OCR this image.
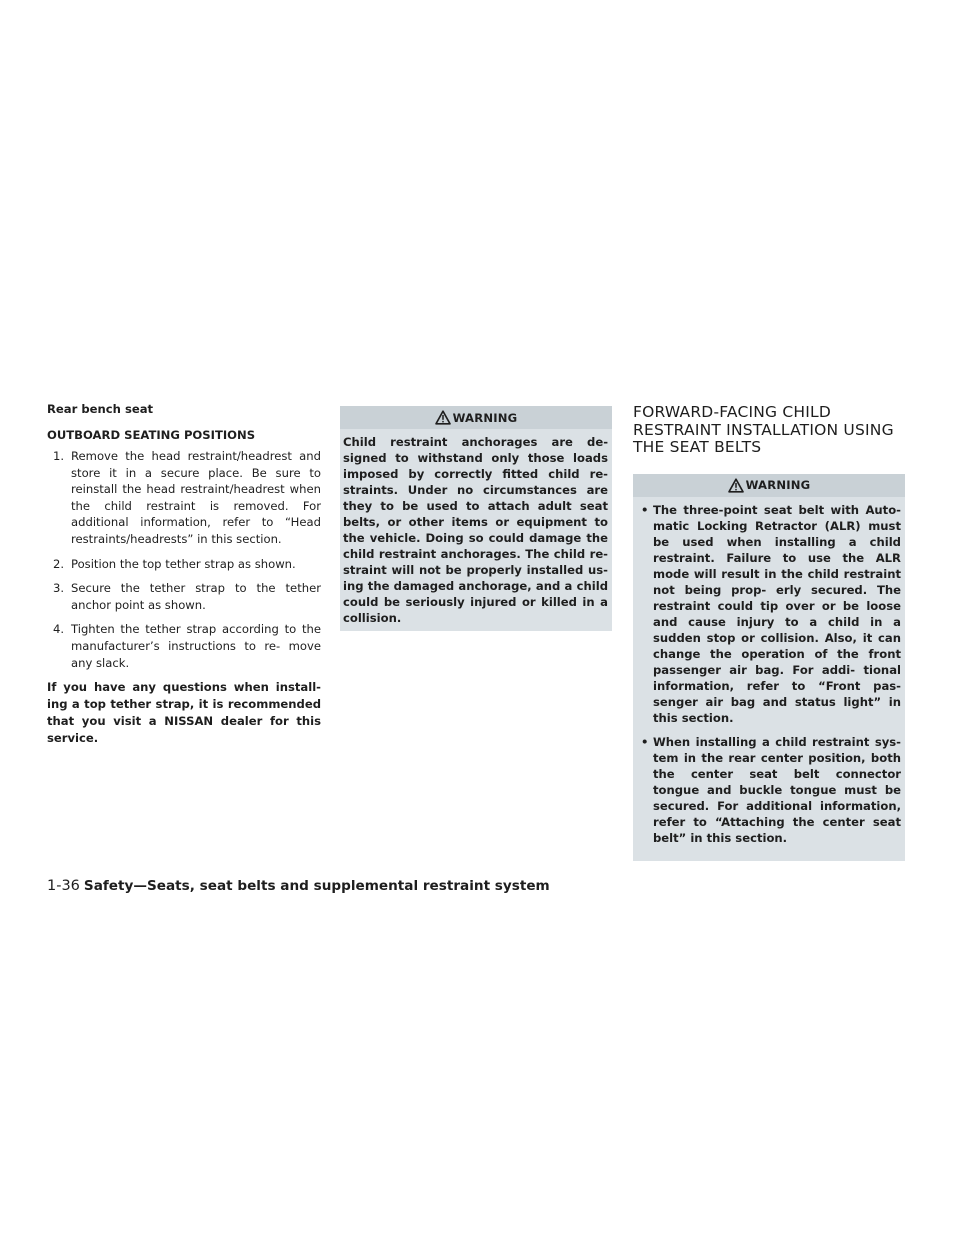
Rear bench seat

OUTBOARD SEATING POSITIONS

1. Remove the head restraint/headrest and store it in a secure place. Be sure to reinstall the head restraint/headrest when the child restraint is removed. For additional information, refer to “Head restraints/headrests” in this section.
2. Position the top tether strap as shown.
3. Secure the tether strap to the tether anchor point as shown.
4. Tighten the tether strap according to the manufacturer’s instructions to re- move any slack.

If you have any questions when install- ing a top tether strap, it is recommended that you visit a NISSAN dealer for this service.

WARNING
Child restraint anchorages are de- signed to withstand only those loads imposed by correctly fitted child re- straints. Under no circumstances are they to be used to attach adult seat belts, or other items or equipment to the vehicle. Doing so could damage the child restraint anchorages. The child re- straint will not be properly installed us- ing the damaged anchorage, and a child could be seriously injured or killed in a collision.
FORWARD-FACING CHILD RESTRAINT INSTALLATION USING THE SEAT BELTS
WARNING
• The three-point seat belt with Auto- matic Locking Retractor (ALR) must be used when installing a child restraint. Failure to use the ALR mode will result in the child restraint not being prop- erly secured. The restraint could tip over or be loose and cause injury to a child in a sudden stop or collision. Also, it can change the operation of the front passenger air bag. For addi- tional information, refer to “Front pas- senger air bag and status light” in this section.
• When installing a child restraint sys- tem in the rear center position, both the center seat belt connector tongue and buckle tongue must be secured. For additional information, refer to “Attaching the center seat belt” in this section.
1-36 Safety—Seats, seat belts and supplemental restraint system
